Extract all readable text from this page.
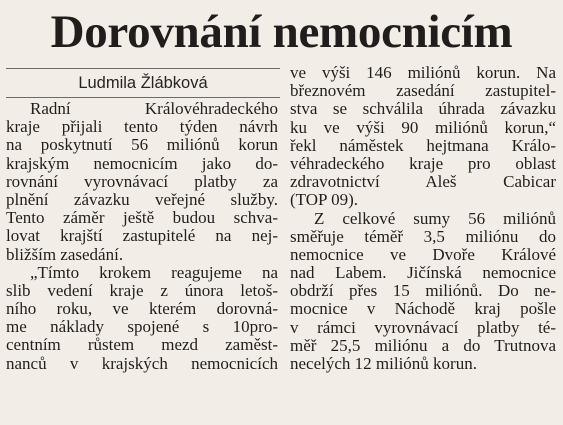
Dorovnání nemocnicím
Ludmila Žlábková
Radní Královéhradeckého
kraje přijali tento týden návrh
na poskytnutí 56 miliónů korun
krajským nemocnicím jako do-
rovnání vyrovnávací platby za
plnění závazku veřejné služby.
Tento záměr ještě budou schva-
lovat krajští zastupitelé na nej-
bližším zasedání.
„Tímto krokem reagujeme na
slib vedení kraje z února letoš-
ního roku, ve kterém dorovná-
me náklady spojené s 10pro-
centním růstem mezd zaměst-
nanců v krajských nemocnicích
ve výši 146 miliónů korun. Na
březnovém zasedání zastupitel-
stva se schválila úhrada závazku
ku ve výši 90 miliónů korun,“
řekl náměstek hejtmana Králo-
véhradeckého kraje pro oblast
zdravotnictví Aleš Cabicar
(TOP 09).
Z celkové sumy 56 miliónů
směřuje téměř 3,5 miliónu do
nemocnice ve Dvoře Králové
nad Labem. Jičínská nemocnice
obdrží přes 15 miliónů. Do ne-
mocnice v Náchodě kraj pošle
v rámci vyrovnávací platby té-
měř 25,5 miliónu a do Trutnova
necelých 12 miliónů korun.
